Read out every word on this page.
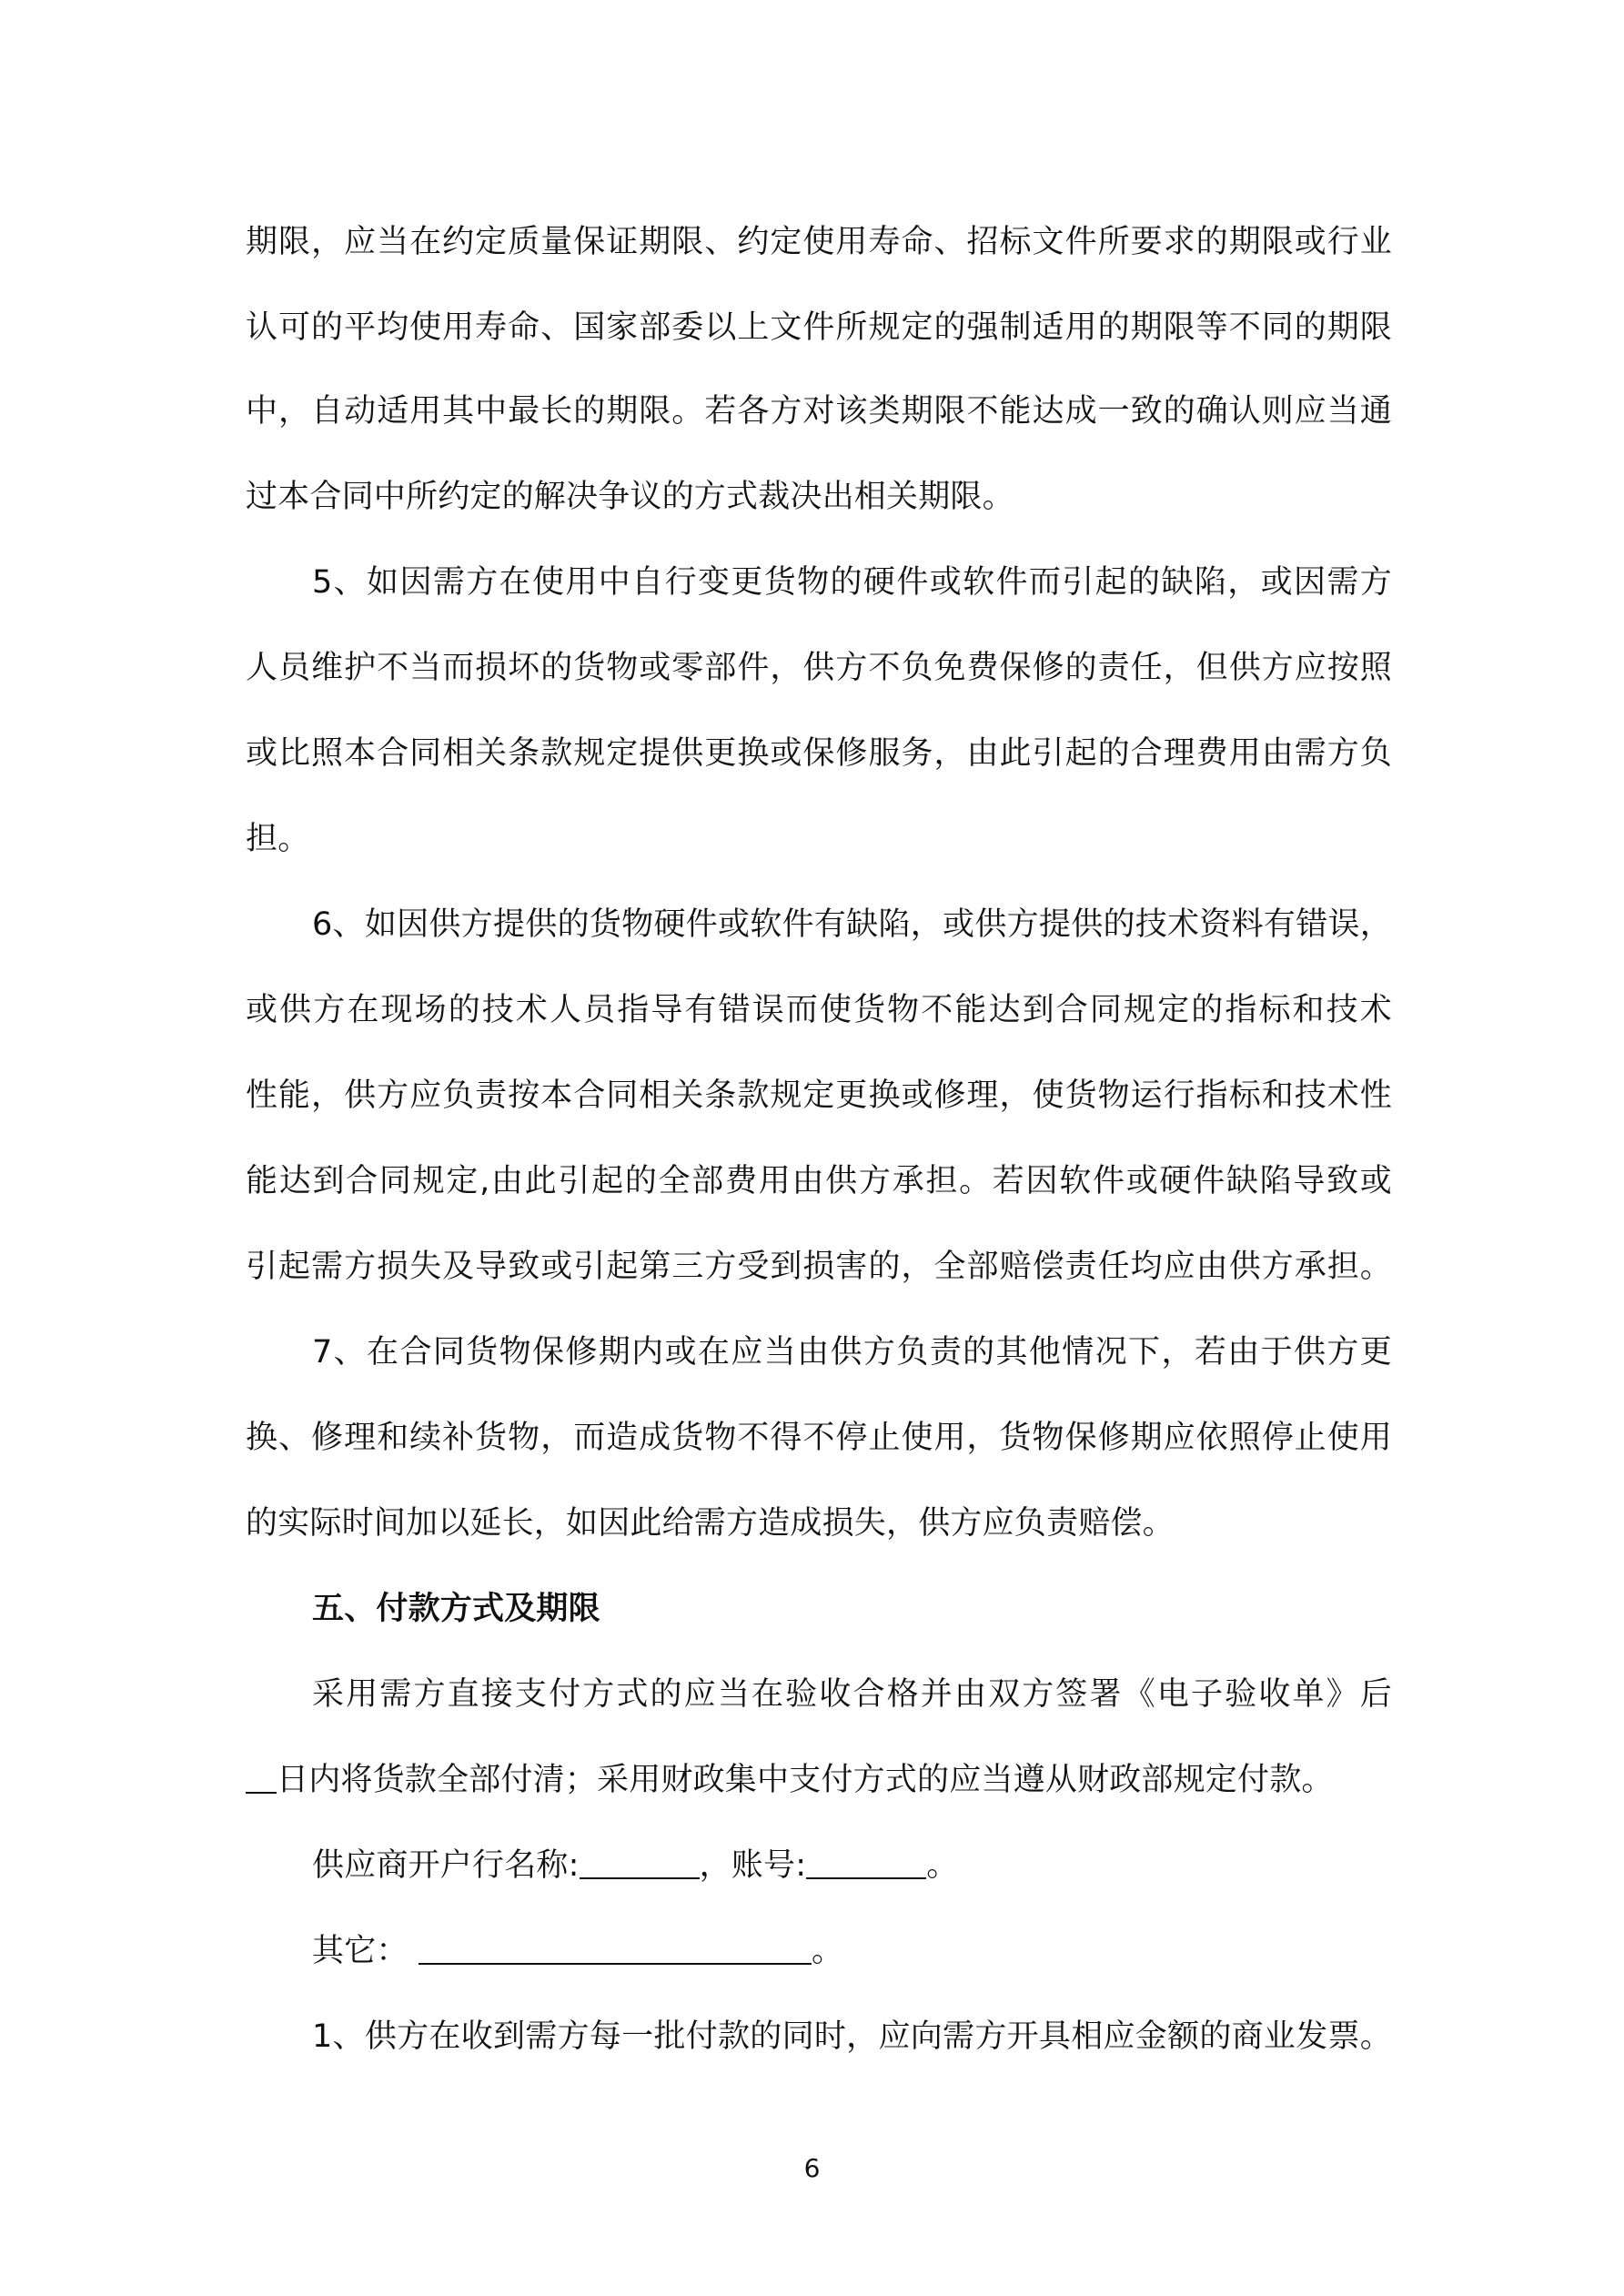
期限，应当在约定质量保证期限、约定使用寿命、招标文件所要求的期限或行业
认可的平均使用寿命、国家部委以上文件所规定的强制适用的期限等不同的期限
中，自动适用其中最长的期限。若各方对该类期限不能达成一致的确认则应当通
过本合同中所约定的解决争议的方式裁决出相关期限。
5、如因需方在使用中自行变更货物的硬件或软件而引起的缺陷，或因需方
人员维护不当而损坏的货物或零部件，供方不负免费保修的责任，但供方应按照
或比照本合同相关条款规定提供更换或保修服务，由此引起的合理费用由需方负
担。
6、如因供方提供的货物硬件或软件有缺陷，或供方提供的技术资料有错误，
或供方在现场的技术人员指导有错误而使货物不能达到合同规定的指标和技术
性能，供方应负责按本合同相关条款规定更换或修理，使货物运行指标和技术性
能达到合同规定,由此引起的全部费用由供方承担。若因软件或硬件缺陷导致或
引起需方损失及导致或引起第三方受到损害的，全部赔偿责任均应由供方承担。
7、在合同货物保修期内或在应当由供方负责的其他情况下，若由于供方更
换、修理和续补货物，而造成货物不得不停止使用，货物保修期应依照停止使用
的实际时间加以延长，如因此给需方造成损失，供方应负责赔偿。
五、付款方式及期限
采用需方直接支付方式的应当在验收合格并由双方签署《电子验收单》后
日内将货款全部付清；采用财政集中支付方式的应当遵从财政部规定付款。
供应商开户行名称:	，账号:	。
其它：	。
1、供方在收到需方每一批付款的同时，应向需方开具相应金额的商业发票。
6
